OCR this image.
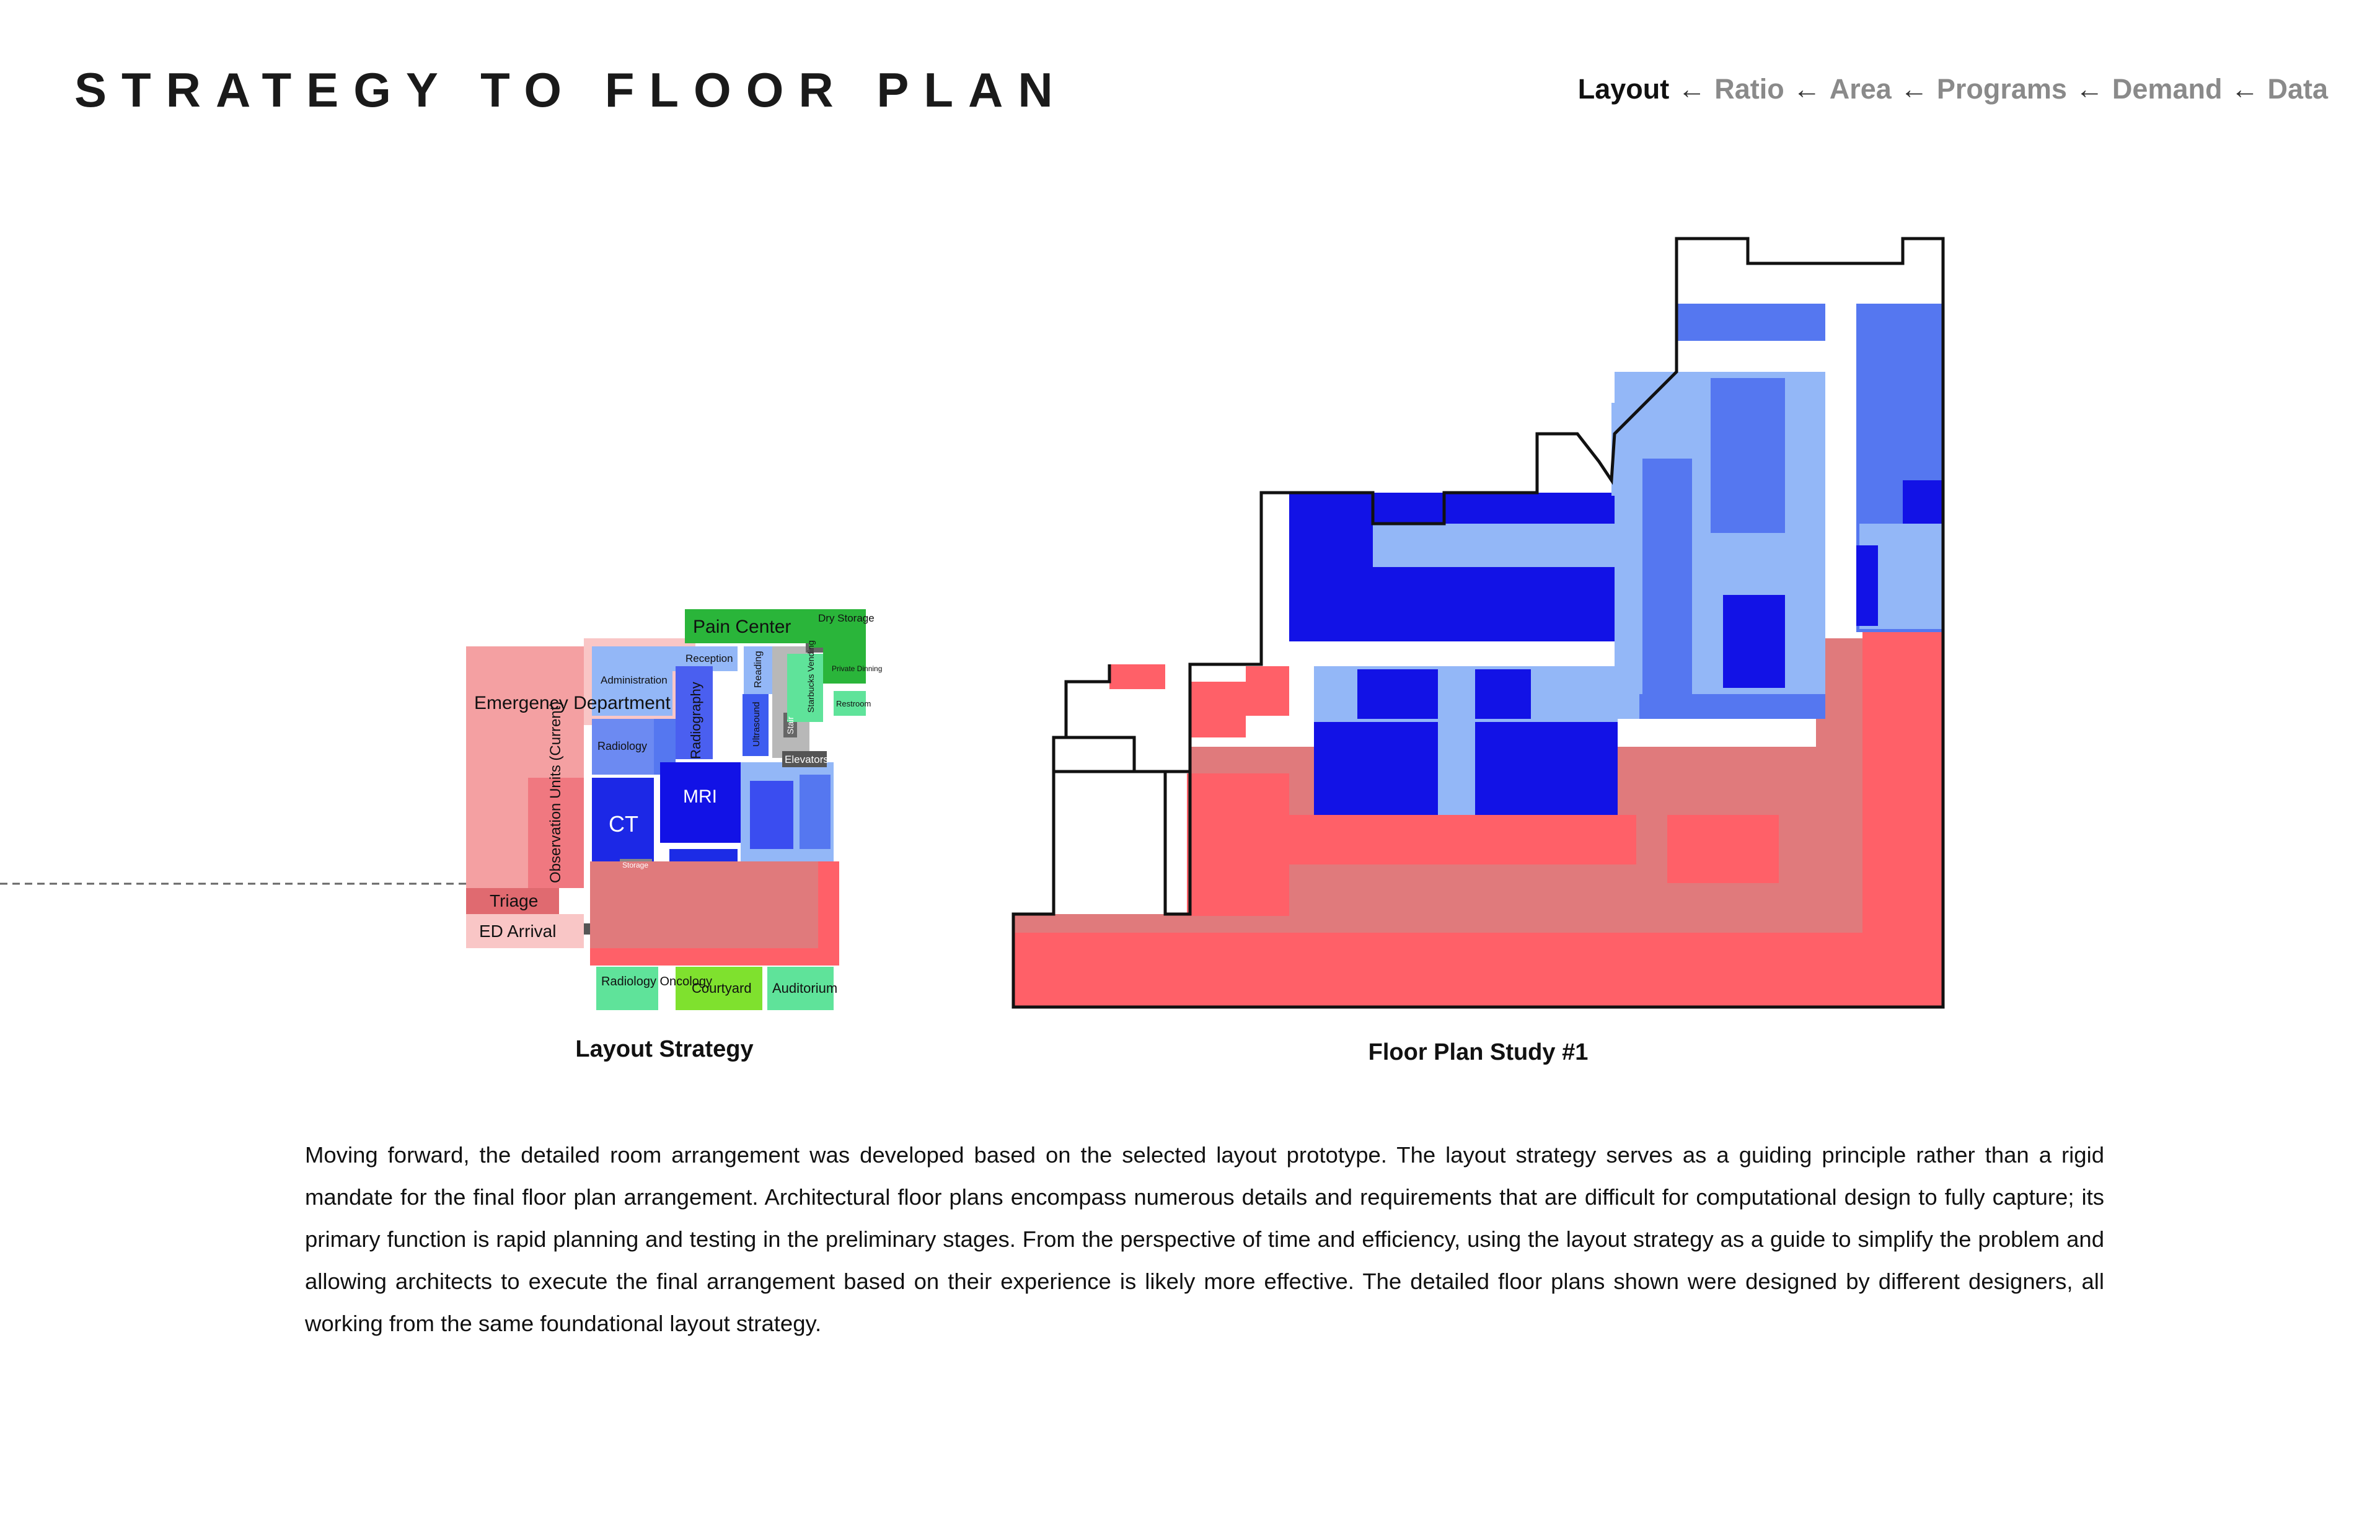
STRATEGY TO FLOOR PLAN	Layout ← Ratio ← Area ← Programs ← Demand ← Data
Pain Center	Dry Storage
Reception
Administration
Emergency Department
Radiology	Radiography	Ultrasound
Reading	Starbucks Vending Private Dinning
Restroom
Stair
Elevators
CT
MRI
Storage
Observation Units (Current)
Triage
ED Arrival
Radiology Oncology
Courtyard Auditorium
Layout Strategy	Floor Plan Study #1

Moving forward, the detailed room arrangement was developed based on the selected layout prototype. The layout strategy serves as a guiding principle rather than a rigid mandate for the final floor plan arrangement. Architectural floor plans encompass numerous details and requirements that are difficult for computational design to fully capture; its primary function is rapid planning and testing in the preliminary stages. From the perspective of time and efficiency, using the layout strategy as a guide to simplify the problem and allowing architects to execute the final arrangement based on their experience is likely more effective. The detailed floor plans shown were designed by different designers, all working from the same foundational layout strategy.
